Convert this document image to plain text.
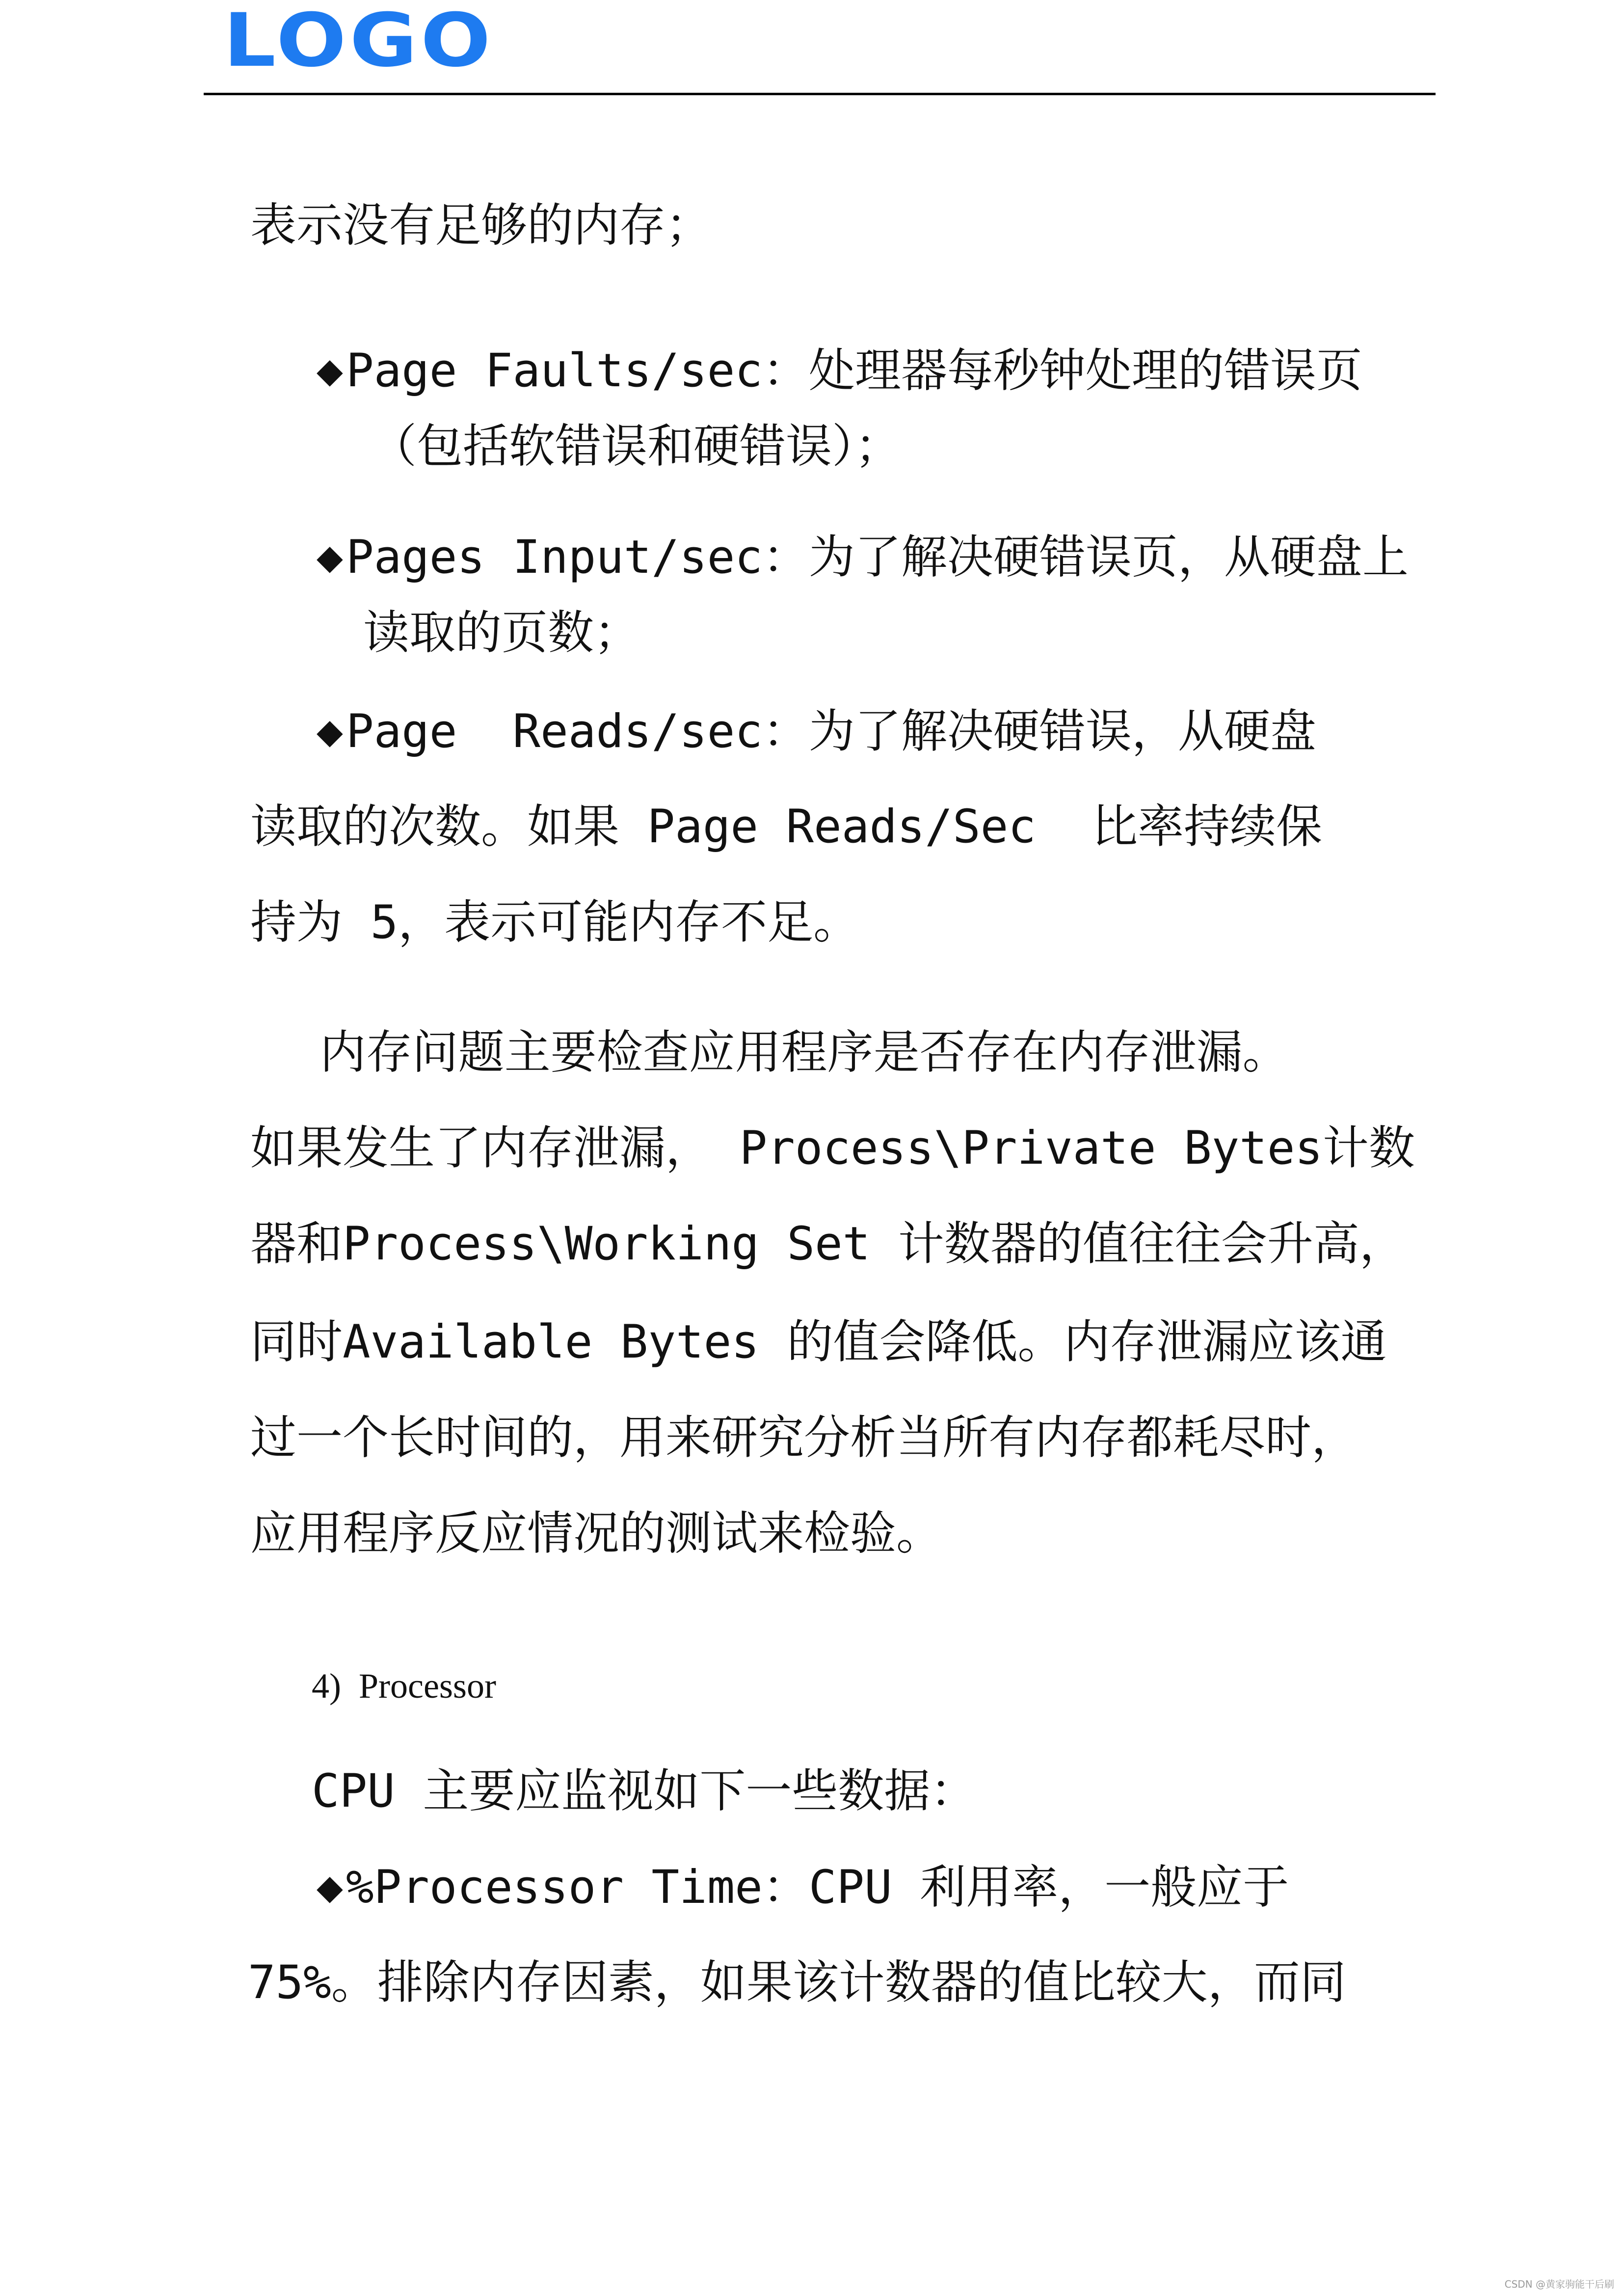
LOGO

表示没有足够的内存；

◆Page Faults/sec：处理器每秒钟处理的错误页

（包括软错误和硬错误）；

◆Pages Input/sec：为了解决硬错误页，从硬盘上

读取的页数；

◆Page  Reads/sec：为了解决硬错误，从硬盘

读取的次数。如果 Page Reads/Sec  比率持续保

持为 5，表示可能内存不足。

内存问题主要检查应用程序是否存在内存泄漏。

如果发生了内存泄漏， Process\Private Bytes计数

器和Process\Working Set 计数器的值往往会升高，

同时Available Bytes 的值会降低。内存泄漏应该通

过一个长时间的，用来研究分析当所有内存都耗尽时，

应用程序反应情况的测试来检验。

4)  Processor

CPU 主要应监视如下一些数据：

◆%Processor Time：CPU 利用率，一般应于

75%。排除内存因素，如果该计数器的值比较大，而同

CSDN @黄家驹能干后刷
